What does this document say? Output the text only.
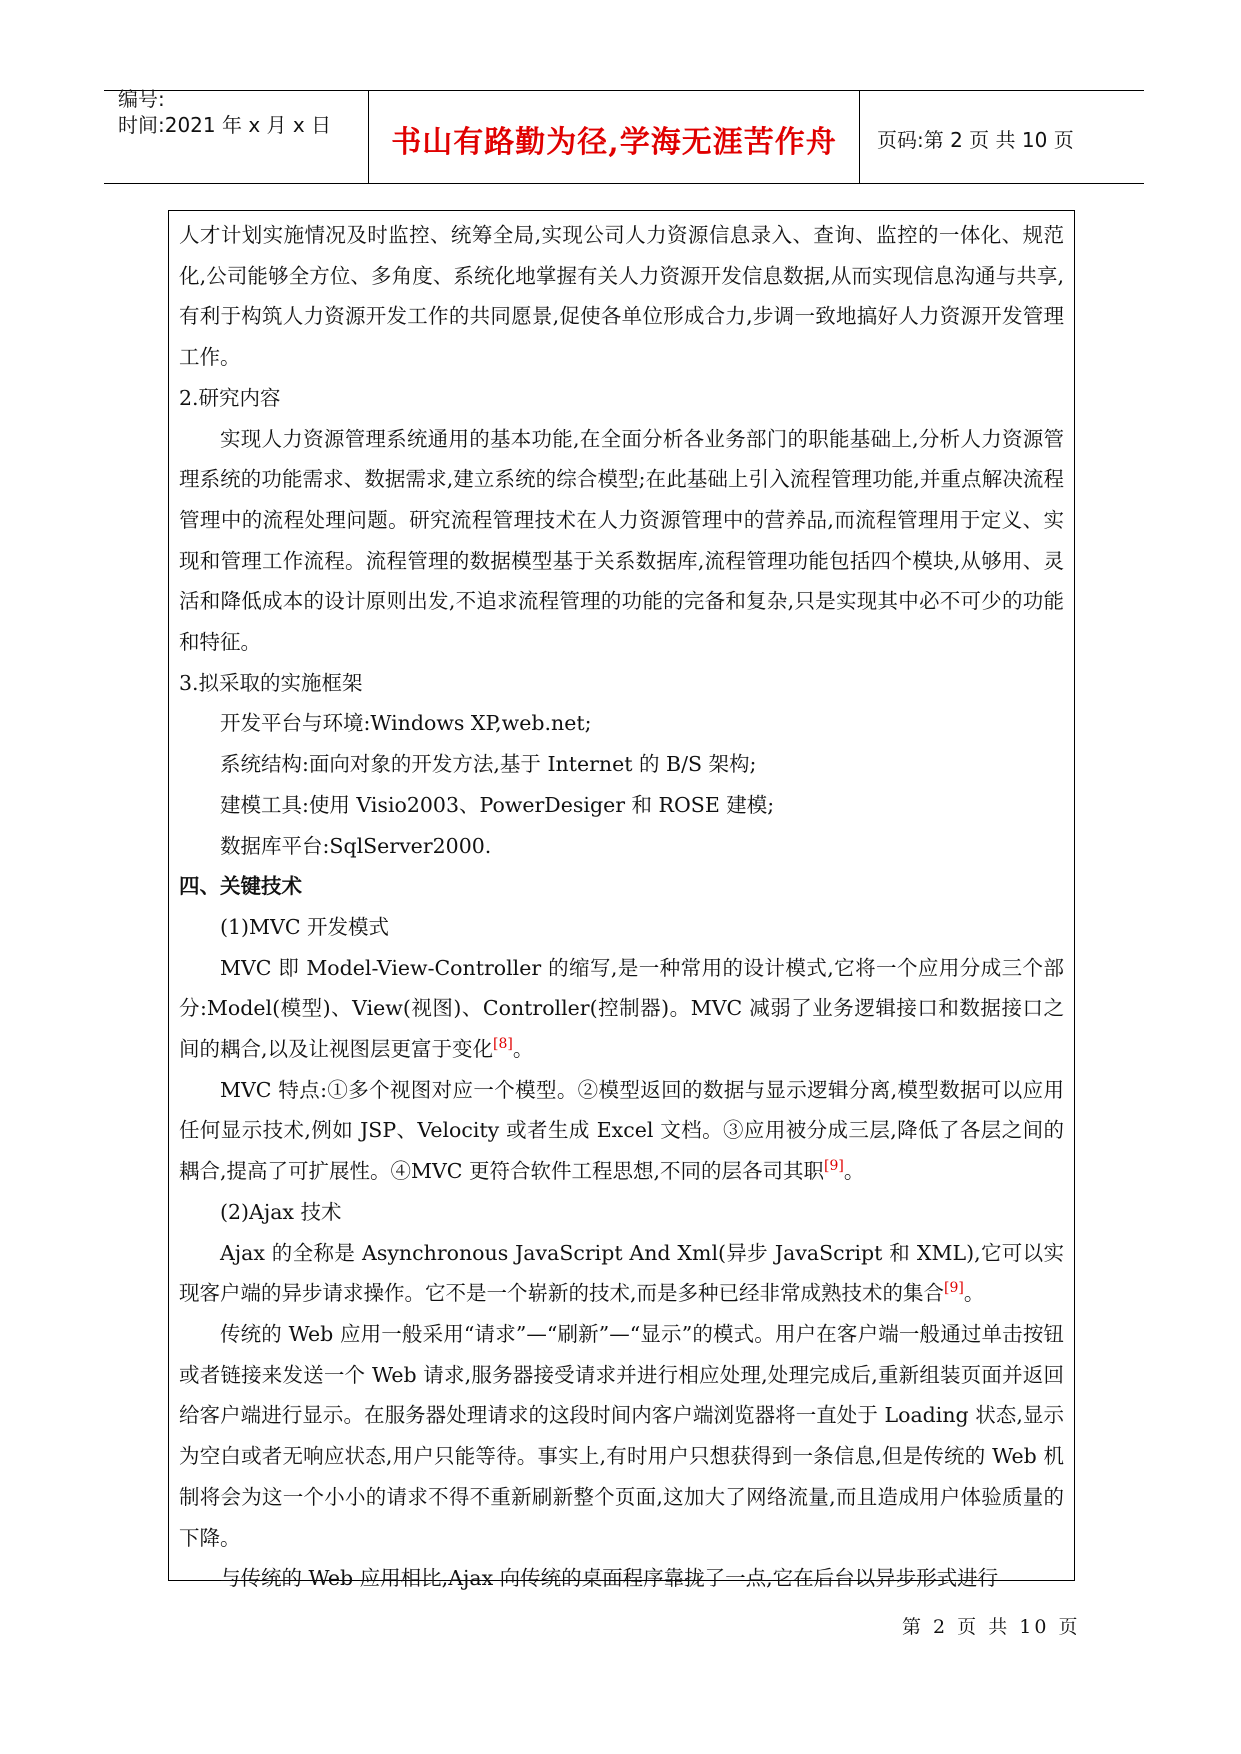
编号:
时间:2021 年 x 月 x 日	书山有路勤为径,学海无涯苦作舟	页码:第 2 页 共 10 页

人才计划实施情况及时监控、统筹全局,实现公司人力资源信息录入、查询、监控的一体化、规范化,公司能够全方位、多角度、系统化地掌握有关人力资源开发信息数据,从而实现信息沟通与共享,有利于构筑人力资源开发工作的共同愿景,促使各单位形成合力,步调一致地搞好人力资源开发管理工作。

2.研究内容

实现人力资源管理系统通用的基本功能,在全面分析各业务部门的职能基础上,分析人力资源管理系统的功能需求、数据需求,建立系统的综合模型;在此基础上引入流程管理功能,并重点解决流程管理中的流程处理问题。研究流程管理技术在人力资源管理中的营养品,而流程管理用于定义、实现和管理工作流程。流程管理的数据模型基于关系数据库,流程管理功能包括四个模块,从够用、灵活和降低成本的设计原则出发,不追求流程管理的功能的完备和复杂,只是实现其中必不可少的功能和特征。

3.拟采取的实施框架

开发平台与环境:Windows XP,web.net;

系统结构:面向对象的开发方法,基于 Internet 的 B/S 架构;

建模工具:使用 Visio2003、PowerDesiger 和 ROSE 建模;

数据库平台:SqlServer2000.

四、关键技术

(1)MVC 开发模式

MVC 即 Model-View-Controller 的缩写,是一种常用的设计模式,它将一个应用分成三个部分:Model(模型)、View(视图)、Controller(控制器)。MVC 减弱了业务逻辑接口和数据接口之间的耦合,以及让视图层更富于变化[8]。

MVC 特点:①多个视图对应一个模型。②模型返回的数据与显示逻辑分离,模型数据可以应用任何显示技术,例如 JSP、Velocity 或者生成 Excel 文档。③应用被分成三层,降低了各层之间的耦合,提高了可扩展性。④MVC 更符合软件工程思想,不同的层各司其职[9]。

(2)Ajax 技术

Ajax 的全称是 Asynchronous JavaScript And Xml(异步 JavaScript 和 XML),它可以实现客户端的异步请求操作。它不是一个崭新的技术,而是多种已经非常成熟技术的集合[9]。

传统的 Web 应用一般采用“请求”—“刷新”—“显示”的模式。用户在客户端一般通过单击按钮或者链接来发送一个 Web 请求,服务器接受请求并进行相应处理,处理完成后,重新组装页面并返回给客户端进行显示。在服务器处理请求的这段时间内客户端浏览器将一直处于 Loading 状态,显示为空白或者无响应状态,用户只能等待。事实上,有时用户只想获得到一条信息,但是传统的 Web 机制将会为这一个小小的请求不得不重新刷新整个页面,这加大了网络流量,而且造成用户体验质量的下降。

与传统的 Web 应用相比,Ajax 向传统的桌面程序靠拢了一点,它在后台以异步形式进行

第 2 页 共 10 页
